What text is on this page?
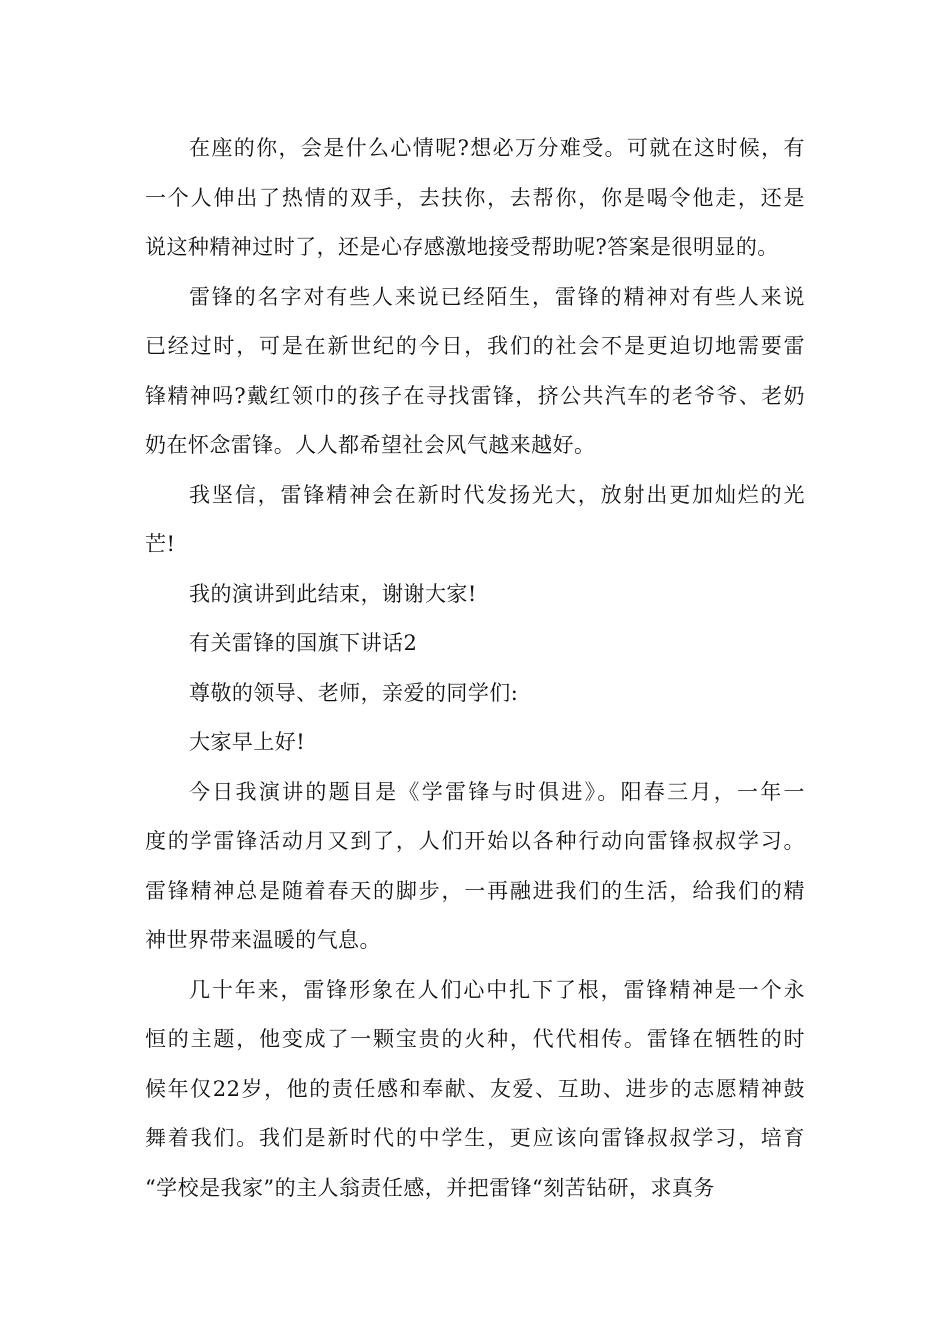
在座的你，会是什么心情呢?想必万分难受。可就在这时候，有
一个人伸出了热情的双手，去扶你，去帮你，你是喝令他走，还是
说这种精神过时了，还是心存感激地接受帮助呢?答案是很明显的。
雷锋的名字对有些人来说已经陌生，雷锋的精神对有些人来说
已经过时，可是在新世纪的今日，我们的社会不是更迫切地需要雷
锋精神吗?戴红领巾的孩子在寻找雷锋，挤公共汽车的老爷爷、老奶
奶在怀念雷锋。人人都希望社会风气越来越好。
我坚信，雷锋精神会在新时代发扬光大，放射出更加灿烂的光
芒!
我的演讲到此结束，谢谢大家!
有关雷锋的国旗下讲话2
尊敬的领导、老师，亲爱的同学们:
大家早上好!
今日我演讲的题目是《学雷锋与时俱进》。阳春三月，一年一
度的学雷锋活动月又到了，人们开始以各种行动向雷锋叔叔学习。
雷锋精神总是随着春天的脚步，一再融进我们的生活，给我们的精
神世界带来温暖的气息。
几十年来，雷锋形象在人们心中扎下了根，雷锋精神是一个永
恒的主题，他变成了一颗宝贵的火种，代代相传。雷锋在牺牲的时
候年仅22岁，他的责任感和奉献、友爱、互助、进步的志愿精神鼓
舞着我们。我们是新时代的中学生，更应该向雷锋叔叔学习，培育
“学校是我家”的主人翁责任感，并把雷锋“刻苦钻研，求真务
